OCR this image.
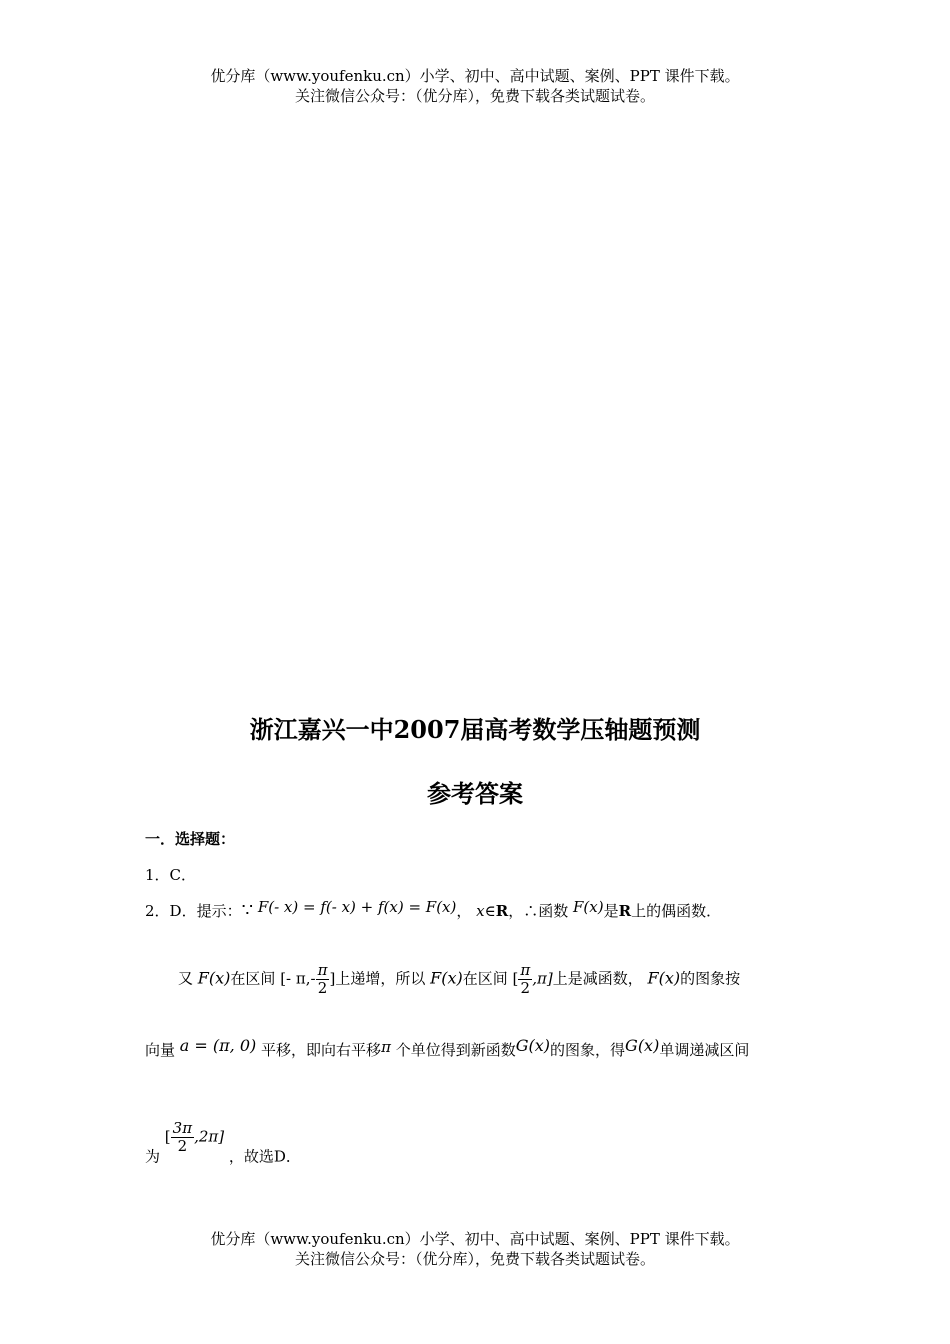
优分库（www.youfenku.cn）小学、初中、高中试题、案例、PPT 课件下载。
关注微信公众号：（优分库），免费下载各类试题试卷。
浙江嘉兴一中2007届高考数学压轴题预测
参考答案
一．选择题：
1．C．
2．D．提示：∵ F(- x) = f(- x) + f(x) = F(x)， x∈R，∴函数 F(x)是R上的偶函数．
又 F(x)在区间 [- $\pi,- \frac{\pi}{2}$ ]上递增，所以 F(x)在区间 [ $\frac{\pi}{2} ,\pi$]上是减函数， F(x)的图象按
向量 a = (π, 0) 平移，即向右平移π 个单位得到新函数G(x)的图象，得G(x)单调递减区间
为 [ $\frac{3\pi}{2} ,2\pi$] ，故选D．
优分库（www.youfenku.cn）小学、初中、高中试题、案例、PPT 课件下载。
关注微信公众号：（优分库），免费下载各类试题试卷。
